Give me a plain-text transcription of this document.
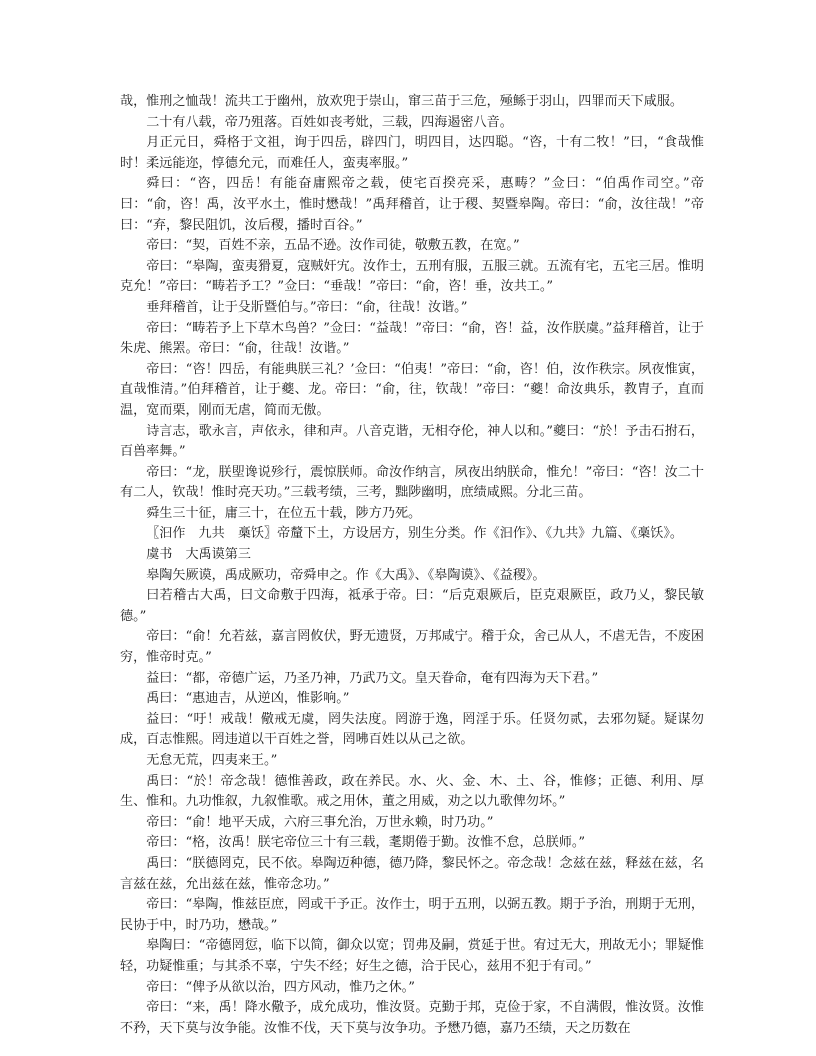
哉，惟刑之恤哉！流共工于幽州，放欢兜于崇山，窜三苗于三危，殛鲧于羽山，四罪而天下咸服。

二十有八载，帝乃殂落。百姓如丧考妣，三载，四海遏密八音。

月正元日，舜格于文祖，询于四岳，辟四门，明四目，达四聪。“咨，十有二牧！”曰，“食哉惟时！柔远能迩，惇德允元，而难任人，蛮夷率服。”

舜曰：“咨，四岳！有能奋庸熙帝之载，使宅百揆亮采，惠畴？”佥曰：“伯禹作司空。”帝曰：“俞，咨！禹，汝平水土，惟时懋哉！”禹拜稽首，让于稷、契暨皋陶。帝曰：“俞，汝往哉！”帝曰：“弃，黎民阻饥，汝后稷，播时百谷。”

帝曰：“契，百姓不亲，五品不逊。汝作司徒，敬敷五教，在宽。”

帝曰：“皋陶，蛮夷猾夏，寇贼奸宄。汝作士，五刑有服，五服三就。五流有宅，五宅三居。惟明克允！”帝曰：“畴若予工？”佥曰：“垂哉！”帝曰：“俞，咨！垂，汝共工。”

垂拜稽首，让于殳斨暨伯与。”帝曰：“俞，往哉！汝谐。”

帝曰：“畴若予上下草木鸟兽？”佥曰：“益哉！”帝曰：“俞，咨！益，汝作朕虞。”益拜稽首，让于朱虎、熊罴。帝曰：“俞，往哉！汝谐。”

帝曰：“咨！四岳，有能典朕三礼？’佥曰：“伯夷！”帝曰：“俞，咨！伯，汝作秩宗。夙夜惟寅，直哉惟清。”伯拜稽首，让于夔、龙。帝曰：“俞，往，钦哉！”帝曰：“夔！命汝典乐，教胄子，直而温，宽而栗，刚而无虐，简而无傲。

诗言志，歌永言，声依永，律和声。八音克谐，无相夺伦，神人以和。”夔曰：“於！予击石拊石，百兽率舞。”

帝曰：“龙，朕堲谗说殄行，震惊朕师。命汝作纳言，夙夜出纳朕命，惟允！”帝曰：“咨！汝二十有二人，钦哉！惟时亮天功。”三载考绩，三考，黜陟幽明，庶绩咸熙。分北三苗。

舜生三十征，庸三十，在位五十载，陟方乃死。

〖汩作　九共　槀饫〗帝釐下土，方设居方，别生分类。作《汩作》、《九共》九篇、《槀饫》。

虞书　大禹谟第三

皋陶矢厥谟，禹成厥功，帝舜申之。作《大禹》、《皋陶谟》、《益稷》。

曰若稽古大禹，曰文命敷于四海，祗承于帝。曰：“后克艰厥后，臣克艰厥臣，政乃乂，黎民敏德。”

帝曰：“俞！允若兹，嘉言罔攸伏，野无遗贤，万邦咸宁。稽于众，舍己从人，不虐无告，不废困穷，惟帝时克。”

益曰：“都，帝德广运，乃圣乃神，乃武乃文。皇天眷命，奄有四海为天下君。”

禹曰：“惠迪吉，从逆凶，惟影响。”

益曰：“吁！戒哉！儆戒无虞，罔失法度。罔游于逸，罔淫于乐。任贤勿贰，去邪勿疑。疑谋勿成，百志惟熙。罔违道以干百姓之誉，罔咈百姓以从己之欲。

无怠无荒，四夷来王。”

禹曰：“於！帝念哉！德惟善政，政在养民。水、火、金、木、土、谷，惟修；正德、利用、厚生、惟和。九功惟叙，九叙惟歌。戒之用休，董之用威，劝之以九歌俾勿坏。”

帝曰：“俞！地平天成，六府三事允治，万世永赖，时乃功。”

帝曰：“格，汝禹！朕宅帝位三十有三载，耄期倦于勤。汝惟不怠，总朕师。”

禹曰：“朕德罔克，民不依。皋陶迈种德，德乃降，黎民怀之。帝念哉！念兹在兹，释兹在兹，名言兹在兹，允出兹在兹，惟帝念功。”

帝曰：“皋陶，惟兹臣庶，罔或干予正。汝作士，明于五刑，以弼五教。期于予治，刑期于无刑，民协于中，时乃功，懋哉。”

皋陶曰：“帝德罔愆，临下以简，御众以宽；罚弗及嗣，赏延于世。宥过无大，刑故无小；罪疑惟轻，功疑惟重；与其杀不辜，宁失不经；好生之德，洽于民心，兹用不犯于有司。”

帝曰：“俾予从欲以治，四方风动，惟乃之休。”

帝曰：“来，禹！降水儆予，成允成功，惟汝贤。克勤于邦，克俭于家，不自满假，惟汝贤。汝惟不矜，天下莫与汝争能。汝惟不伐，天下莫与汝争功。予懋乃德，嘉乃丕绩，天之历数在
